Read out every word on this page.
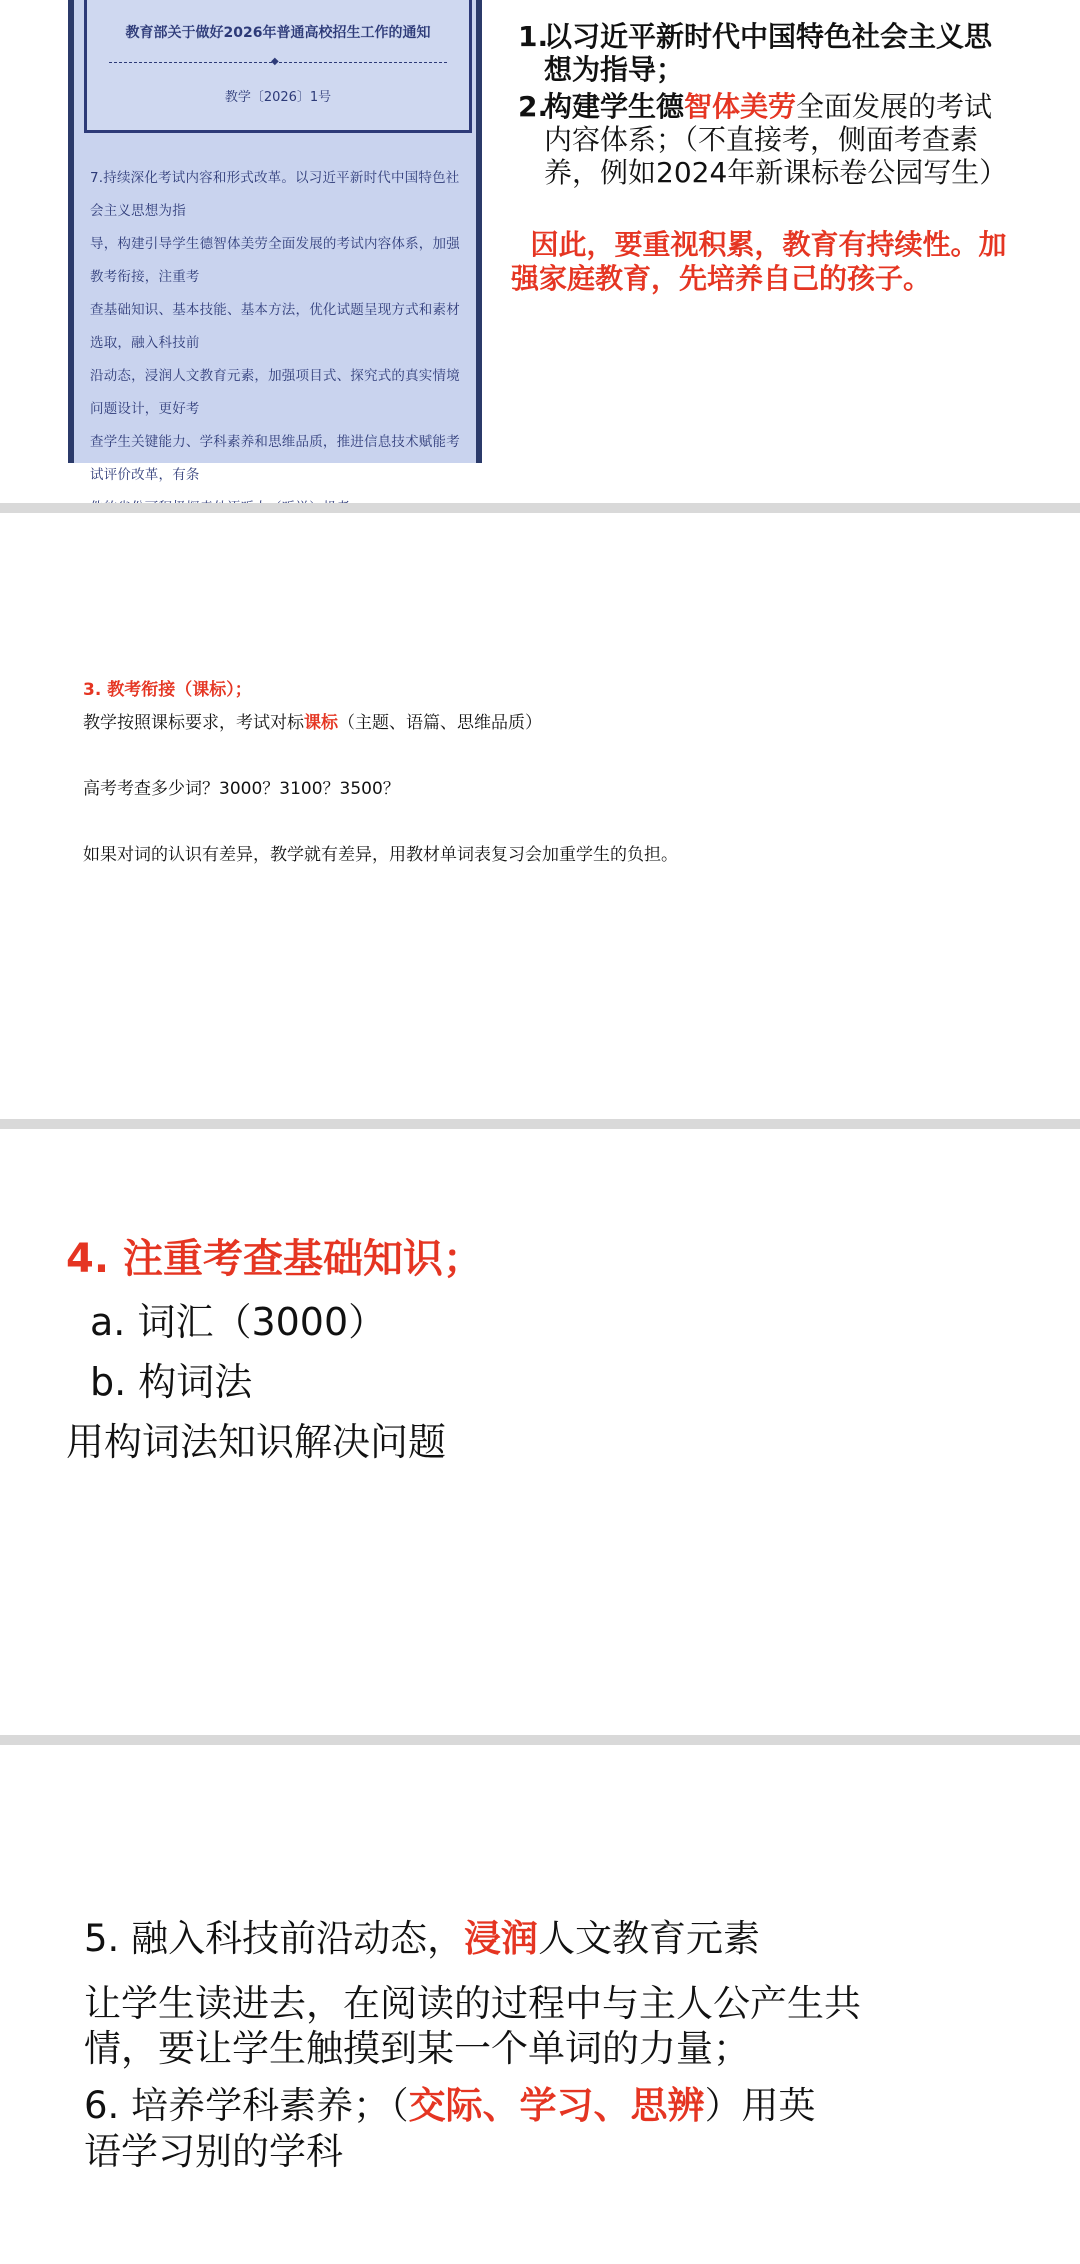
教育部关于做好2026年普通高校招生工作的通知
◆
教学〔2026〕1号

7.持续深化考试内容和形式改革。以习近平新时代中国特色社会主义思想为指

导，构建引导学生德智体美劳全面发展的考试内容体系，加强教考衔接，注重考

查基础知识、基本技能、基本方法，优化试题呈现方式和素材选取，融入科技前

沿动态，浸润人文教育元素，加强项目式、探究式的真实情境问题设计，更好考

查学生关键能力、学科素养和思维品质，推进信息技术赋能考试评价改革，有条

1.
以习近平新时代中国特色社会主义思想为指导；
2.
构建学生德智体美劳全面发展的考试内容体系；（不直接考，侧面考查素养，例如2024年新课标卷公园写生）
因此，要重视积累，教育有持续性。加强家庭教育，先培养自己的孩子。
3. 教考衔接（课标）；
教学按照课标要求，考试对标课标（主题、语篇、思维品质）
高考考查多少词？3000？3100？3500？
如果对词的认识有差异，教学就有差异，用教材单词表复习会加重学生的负担。
4. 注重考查基础知识；
a. 词汇（3000）
b. 构词法
用构词法知识解决问题
5. 融入科技前沿动态，浸润人文教育元素
让学生读进去，在阅读的过程中与主人公产生共
情，要让学生触摸到某一个单词的力量；
6. 培养学科素养；（交际、学习、思辨）用英
语学习别的学科
